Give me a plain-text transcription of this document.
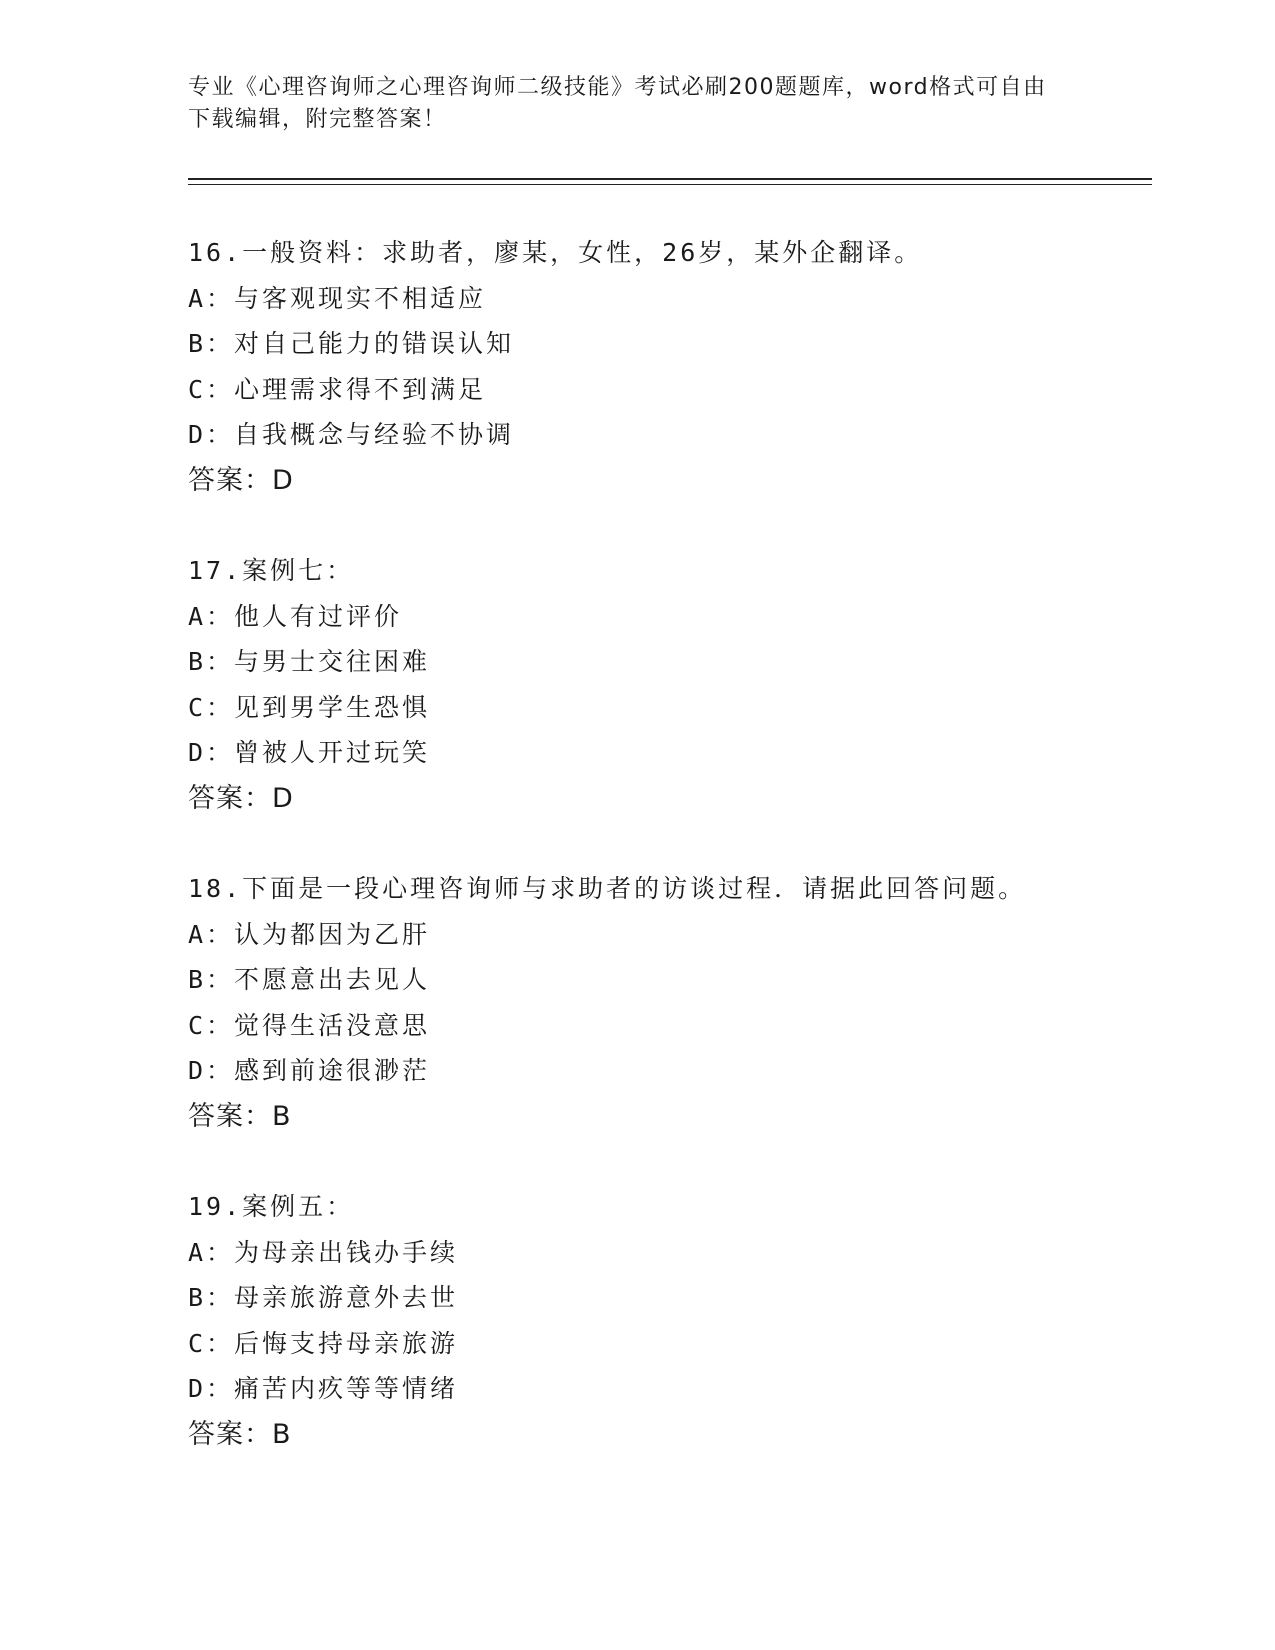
专业《心理咨询师之心理咨询师二级技能》考试必刷200题题库，word格式可自由下载编辑，附完整答案！
16.一般资料：求助者，廖某，女性，26岁，某外企翻译。
A：与客观现实不相适应
B：对自己能力的错误认知
C：心理需求得不到满足
D：自我概念与经验不协调
答案：D
17.案例七：
A：他人有过评价
B：与男士交往困难
C：见到男学生恐惧
D：曾被人开过玩笑
答案：D
18.下面是一段心理咨询师与求助者的访谈过程．请据此回答问题。
A：认为都因为乙肝
B：不愿意出去见人
C：觉得生活没意思
D：感到前途很渺茫
答案：B
19.案例五：
A：为母亲出钱办手续
B：母亲旅游意外去世
C：后悔支持母亲旅游
D：痛苦内疚等等情绪
答案：B
